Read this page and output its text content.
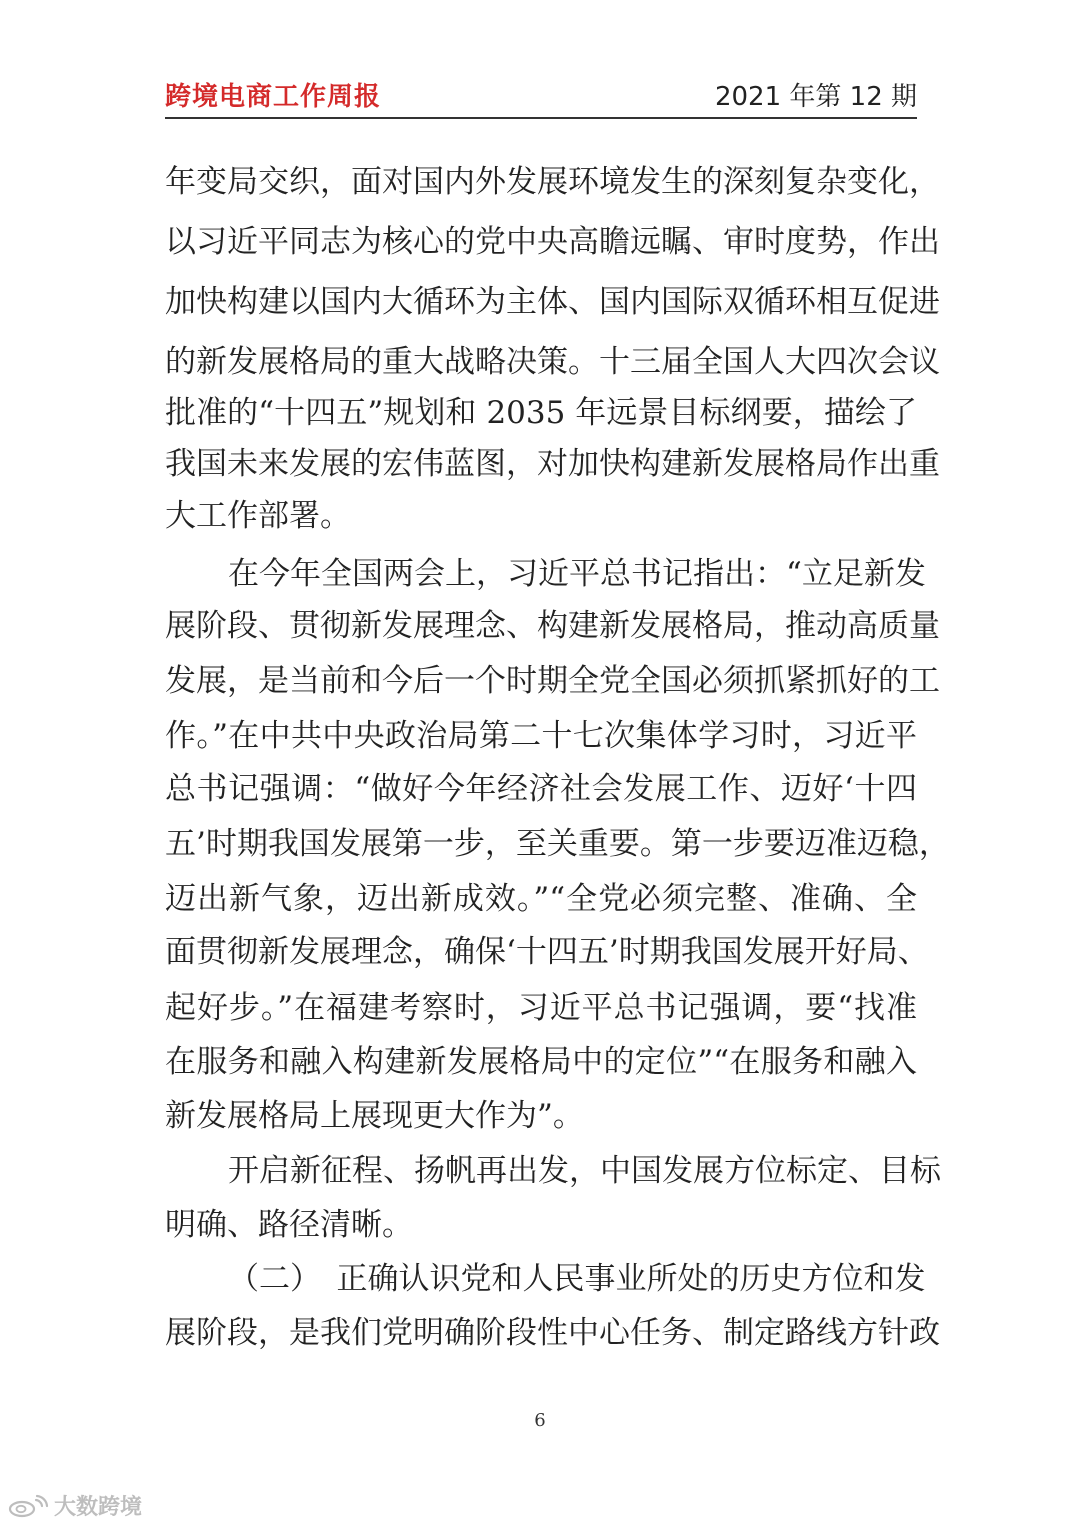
跨境电商工作周报	2021 年第 12 期
年变局交织，面对国内外发展环境发生的深刻复杂变化，
以习近平同志为核心的党中央高瞻远瞩、审时度势，作出
加快构建以国内大循环为主体、国内国际双循环相互促进
的新发展格局的重大战略决策。十三届全国人大四次会议
批准的“十四五”规划和 2035 年远景目标纲要，描绘了
我国未来发展的宏伟蓝图，对加快构建新发展格局作出重
大工作部署。
在今年全国两会上，习近平总书记指出：“立足新发
展阶段、贯彻新发展理念、构建新发展格局，推动高质量
发展，是当前和今后一个时期全党全国必须抓紧抓好的工
作。”在中共中央政治局第二十七次集体学习时，习近平
总书记强调：“做好今年经济社会发展工作、迈好‘十四
五’时期我国发展第一步，至关重要。第一步要迈准迈稳，
迈出新气象，迈出新成效。”“全党必须完整、准确、全
面贯彻新发展理念，确保‘十四五’时期我国发展开好局、
起好步。”在福建考察时，习近平总书记强调，要“找准
在服务和融入构建新发展格局中的定位”“在服务和融入
新发展格局上展现更大作为”。
开启新征程、扬帆再出发，中国发展方位标定、目标
明确、路径清晰。
（二）　正确认识党和人民事业所处的历史方位和发
展阶段，是我们党明确阶段性中心任务、制定路线方针政
6
大数跨境
